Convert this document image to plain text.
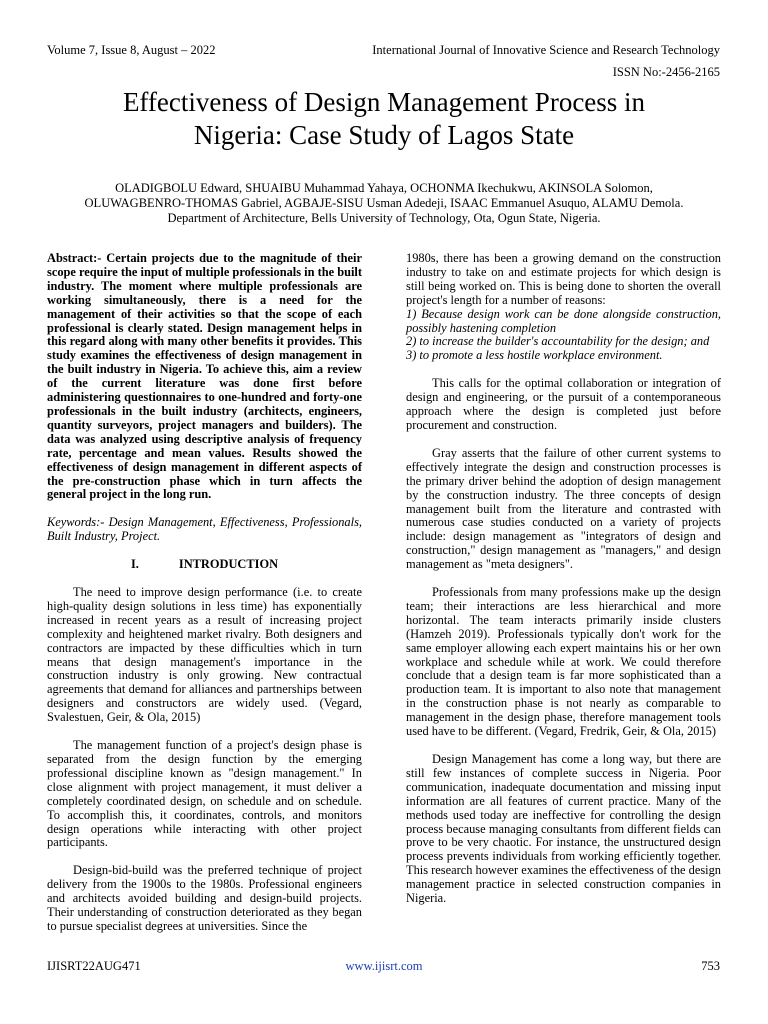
Volume 7, Issue 8, August – 2022	International Journal of Innovative Science and Research Technology
ISSN No:-2456-2165
Effectiveness of Design Management Process in
Nigeria: Case Study of Lagos State
OLADIGBOLU Edward, SHUAIBU Muhammad Yahaya, OCHONMA Ikechukwu, AKINSOLA Solomon,
OLUWAGBENRO-THOMAS Gabriel, AGBAJE-SISU Usman Adedeji, ISAAC Emmanuel Asuquo, ALAMU Demola.
Department of Architecture, Bells University of Technology, Ota, Ogun State, Nigeria.

Abstract:- Certain projects due to the magnitude of their scope require the input of multiple professionals in the built industry. The moment where multiple professionals are working simultaneously, there is a need for the management of their activities so that the scope of each professional is clearly stated. Design management helps in this regard along with many other benefits it provides. This study examines the effectiveness of design management in the built industry in Nigeria. To achieve this, aim a review of the current literature was done first before administering questionnaires to one-hundred and forty-one professionals in the built industry (architects, engineers, quantity surveyors, project managers and builders). The data was analyzed using descriptive analysis of frequency rate, percentage and mean values. Results showed the effectiveness of design management in different aspects of the pre-construction phase which in turn affects the general project in the long run.

Keywords:- Design Management, Effectiveness, Professionals, Built Industry, Project.

I.	INTRODUCTION

The need to improve design performance (i.e. to create high-quality design solutions in less time) has exponentially increased in recent years as a result of increasing project complexity and heightened market rivalry. Both designers and contractors are impacted by these difficulties which in turn means that design management's importance in the construction industry is only growing. New contractual agreements that demand for alliances and partnerships between designers and constructors are widely used. (Vegard, Svalestuen, Geir, & Ola, 2015)

The management function of a project's design phase is separated from the design function by the emerging professional discipline known as "design management." In close alignment with project management, it must deliver a completely coordinated design, on schedule and on schedule. To accomplish this, it coordinates, controls, and monitors design operations while interacting with other project participants.

Design-bid-build was the preferred technique of project delivery from the 1900s to the 1980s. Professional engineers and architects avoided building and design-build projects. Their understanding of construction deteriorated as they began to pursue specialist degrees at universities. Since the

1980s, there has been a growing demand on the construction industry to take on and estimate projects for which design is still being worked on. This is being done to shorten the overall project's length for a number of reasons:

1) Because design work can be done alongside construction, possibly hastening completion
2) to increase the builder's accountability for the design; and

3) to promote a less hostile workplace environment.

This calls for the optimal collaboration or integration of design and engineering, or the pursuit of a contemporaneous approach where the design is completed just before procurement and construction.

Gray asserts that the failure of other current systems to effectively integrate the design and construction processes is the primary driver behind the adoption of design management by the construction industry. The three concepts of design management built from the literature and contrasted with numerous case studies conducted on a variety of projects include: design management as "integrators of design and construction," design management as "managers," and design management as "meta designers".

Professionals from many professions make up the design team; their interactions are less hierarchical and more horizontal. The team interacts primarily inside clusters (Hamzeh 2019). Professionals typically don't work for the same employer allowing each expert maintains his or her own workplace and schedule while at work. We could therefore conclude that a design team is far more sophisticated than a production team. It is important to also note that management in the construction phase is not nearly as comparable to management in the design phase, therefore management tools used have to be different. (Vegard, Fredrik, Geir, & Ola, 2015)

Design Management has come a long way, but there are still few instances of complete success in Nigeria. Poor communication, inadequate documentation and missing input information are all features of current practice. Many of the methods used today are ineffective for controlling the design process because managing consultants from different fields can prove to be very chaotic. For instance, the unstructured design process prevents individuals from working efficiently together. This research however examines the effectiveness of the design management practice in selected construction companies in Nigeria.

IJISRT22AUG471	www.ijisrt.com	753
